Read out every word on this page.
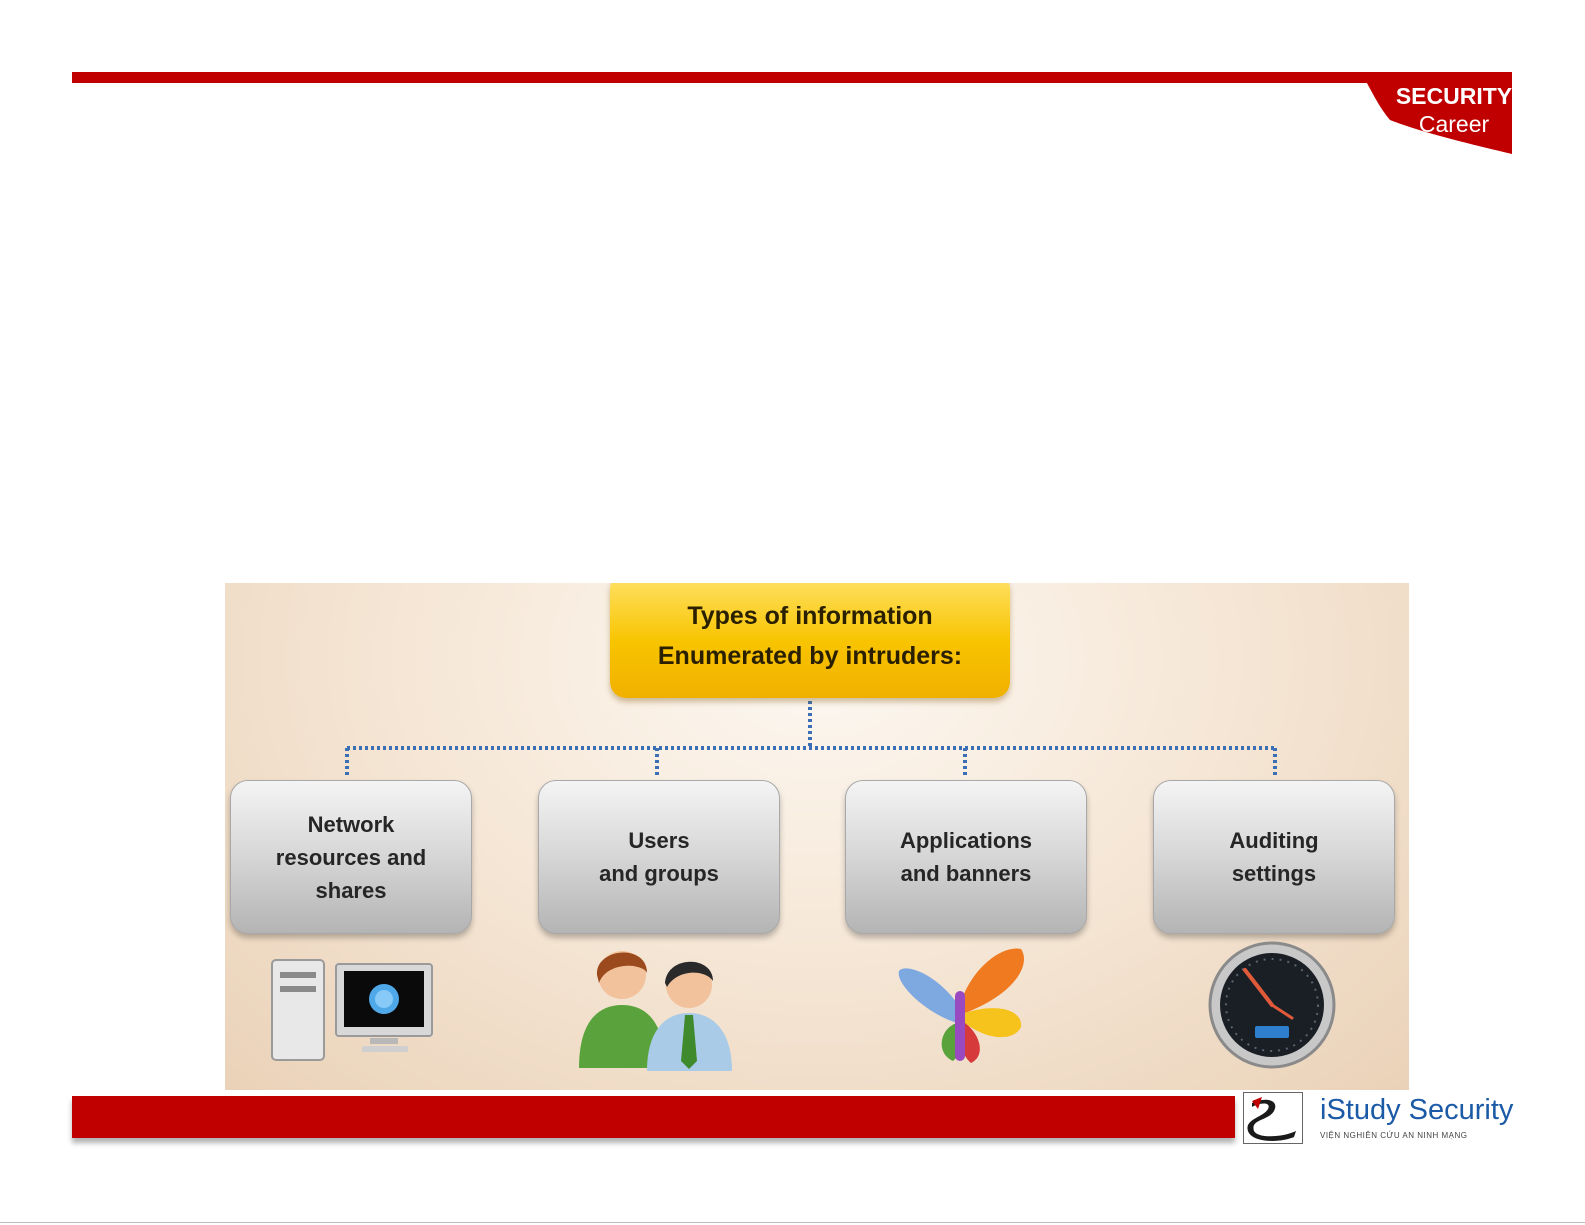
SECURITY
Career
Types of information
Enumerated by intruders:
Network
resources and
shares
Users
and groups
Applications
and banners
Auditing
settings
iStudy Security
VIỆN NGHIÊN CỨU AN NINH MẠNG
